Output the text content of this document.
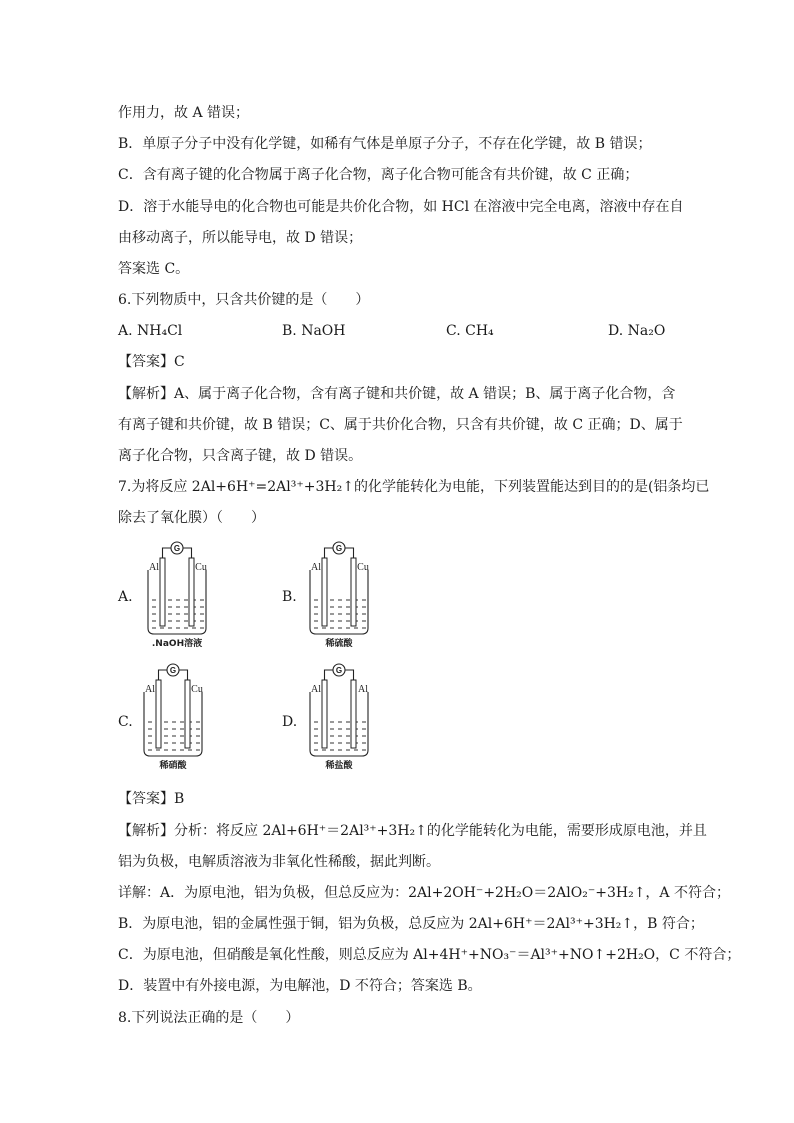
作用力，故 A 错误；
B．单原子分子中没有化学键，如稀有气体是单原子分子，不存在化学键，故 B 错误；
C．含有离子键的化合物属于离子化合物，离子化合物可能含有共价键，故 C 正确；
D．溶于水能导电的化合物也可能是共价化合物，如 HCl 在溶液中完全电离，溶液中存在自
由移动离子，所以能导电，故 D 错误；
答案选 C。
6.下列物质中，只含共价键的是（　　）
A. NH₄Cl	B. NaOH	C. CH₄	D. Na₂O
【答案】C
【解析】A、属于离子化合物，含有离子键和共价键，故 A 错误；B、属于离子化合物，含
有离子键和共价键，故 B 错误；C、属于共价化合物，只含有共价键，故 C 正确；D、属于
离子化合物，只含离子键，故 D 错误。
7.为将反应 2Al+6H⁺=2Al³⁺+3H₂↑的化学能转化为电能，下列装置能达到目的的是(铝条均已
除去了氧化膜）（　　）
A.
G
Al	Cu
.NaOH溶液
B.
G
Al	Cu
稀硫酸
C.
G
Al	Cu
稀硝酸
D.
G
Al	Al
稀盐酸
【答案】B
【解析】分析：将反应 2Al+6H⁺＝2Al³⁺+3H₂↑的化学能转化为电能，需要形成原电池，并且
铝为负极，电解质溶液为非氧化性稀酸，据此判断。
详解：A．为原电池，铝为负极，但总反应为：2Al+2OH⁻+2H₂O＝2AlO₂⁻+3H₂↑，A 不符合；
B．为原电池，铝的金属性强于铜，铝为负极，总反应为 2Al+6H⁺＝2Al³⁺+3H₂↑，B 符合；
C．为原电池，但硝酸是氧化性酸，则总反应为 Al+4H⁺+NO₃⁻＝Al³⁺+NO↑+2H₂O，C 不符合；
D．装置中有外接电源，为电解池，D 不符合；答案选 B。
8.下列说法正确的是（　　）
